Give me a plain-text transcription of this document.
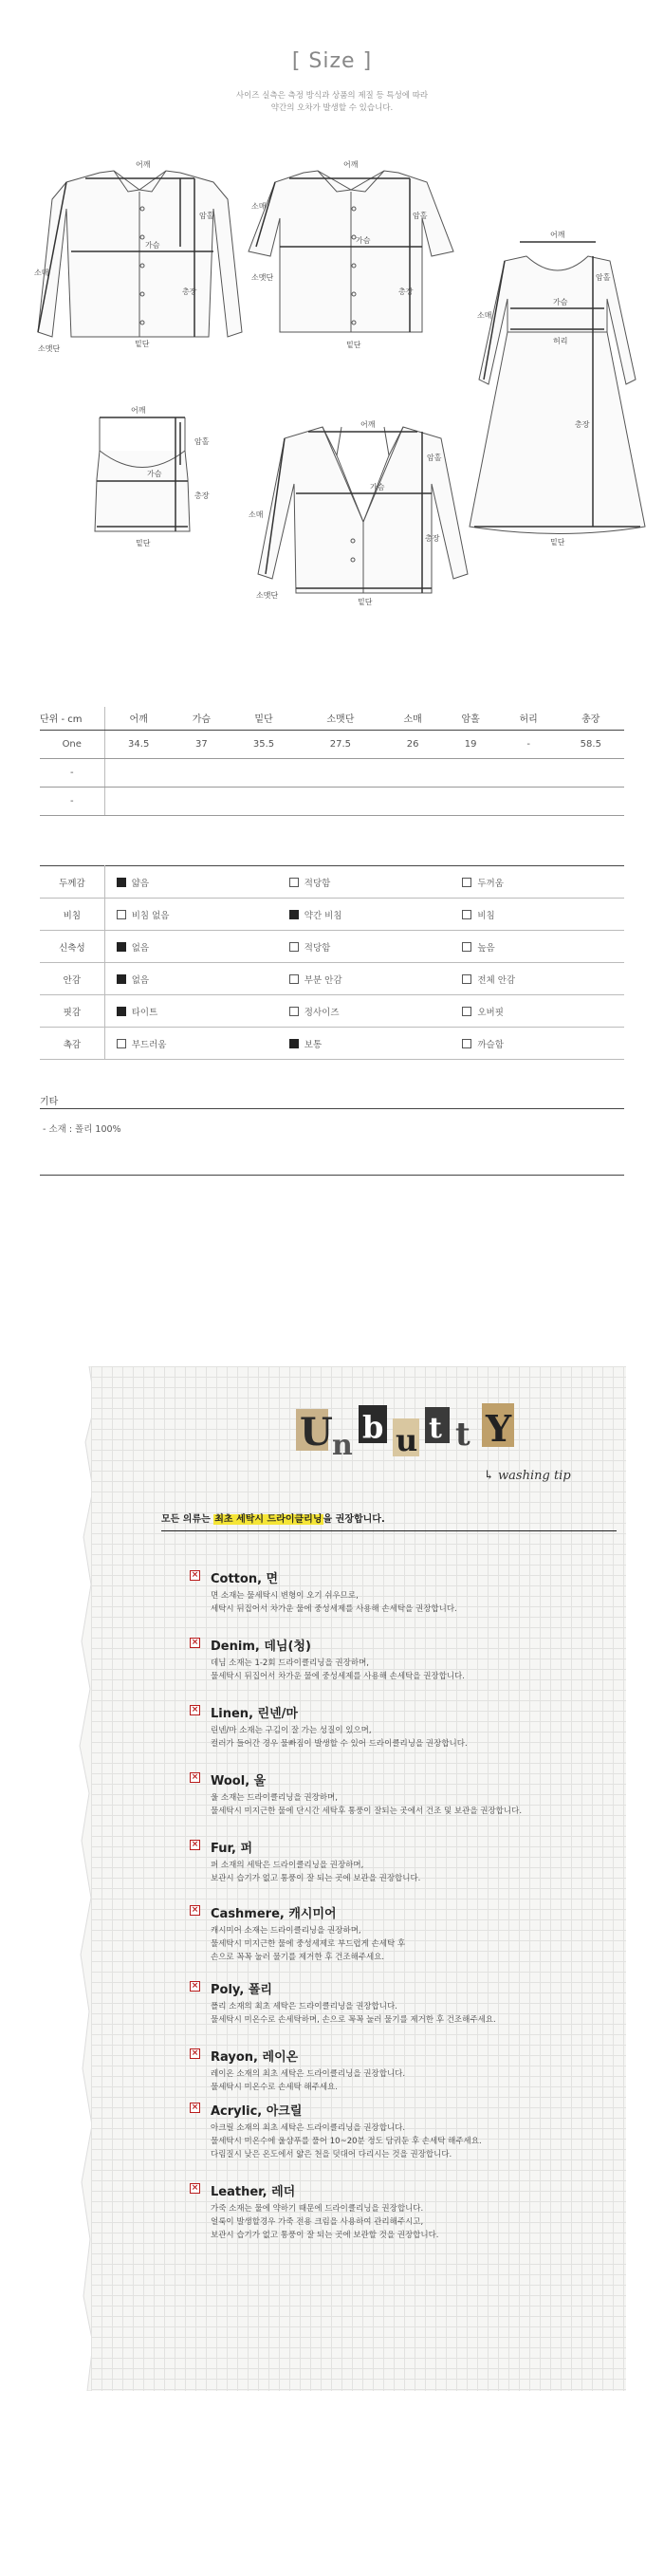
[ Size ]
사이즈 실측은 측정 방식과 상품의 제질 등 특성에 따라
약간의 오차가 발생할 수 있습니다.
어깨
가슴
암홀
총장
소매
소맷단
밑단
어깨
가슴
소매
암홀
소맷단
총장
밑단
어깨
가슴
허리
소매
암홀
총장
밑단
어깨
가슴
암홀
총장
밑단
어깨
가슴
암홀
총장
소매
소맷단
밑단
단위 - cm	어깨	가슴	밑단	소맷단	소매	암홀	허리	총장
One	34.5	37	35.5	27.5	26	19	-	58.5
-								
-								
두께감	얇음	적당함	두꺼움
비침	비침 없음	약간 비침	비침
신축성	없음	적당함	높음
안감	없음	부분 안감	전체 안감
핏감	타이트	정사이즈	오버핏
촉감	부드러움	보통	까슬함
기타
- 소재 : 폴리 100%
U n
b u t t Y
↳ washing tip
모든 의류는 최초 세탁시 드라이클리닝을 권장합니다.
× Cotton, 면
면 소재는 물세탁시 변형이 오기 쉬우므로,
세탁시 뒤집어서 차가운 물에 중성세제를 사용해 손세탁을 권장합니다.
× Denim, 데님(청)
데님 소재는 1-2회 드라이클리닝을 권장하며,
물세탁시 뒤집어서 차가운 물에 중성세제를 사용해 손세탁을 권장합니다.
× Linen, 린넨/마
린넨/마 소재는 구김이 잘 가는 성질이 있으며,
컬러가 들어간 경우 물빠짐이 발생할 수 있어 드라이클리닝을 권장합니다.
× Wool, 울
울 소재는 드라이클리닝을 권장하며,
물세탁시 미지근한 물에 단시간 세탁후 통풍이 잘되는 곳에서 건조 및 보관을 권장합니다.
× Fur, 퍼
퍼 소재의 세탁은 드라이클리닝을 권장하며,
보관시 습기가 없고 통풍이 잘 되는 곳에 보관을 권장합니다.
× Cashmere, 캐시미어
캐시미어 소재는 드라이클리닝을 권장하며,
물세탁시 미지근한 물에 중성세제로 부드럽게 손세탁 후
손으로 꼭꼭 눌러 물기를 제거한 후 건조해주세요.
× Poly, 폴리
폴리 소재의 최초 세탁은 드라이클리닝을 권장합니다.
물세탁시 미온수로 손세탁하며, 손으로 꼭꼭 눌러 물기를 제거한 후 건조해주세요.
× Rayon, 레이온
레이온 소재의 최초 세탁은 드라이클리닝을 권장합니다.
물세탁시 미온수로 손세탁 해주세요.
× Acrylic, 아크릴
아크릴 소재의 최초 세탁은 드라이클리닝을 권장합니다.
물세탁시 미온수에 울샴푸를 풀어 10~20분 정도 담궈둔 후 손세탁 해주세요.
다림질시 낮은 온도에서 얇은 천을 덧대어 다리시는 것을 권장합니다.
× Leather, 레더
가죽 소재는 물에 약하기 때문에 드라이클리닝을 권장합니다.
얼룩이 발생할경우 가죽 전용 크림을 사용하여 관리해주시고,
보관시 습기가 없고 통풍이 잘 되는 곳에 보관할 것을 권장합니다.
